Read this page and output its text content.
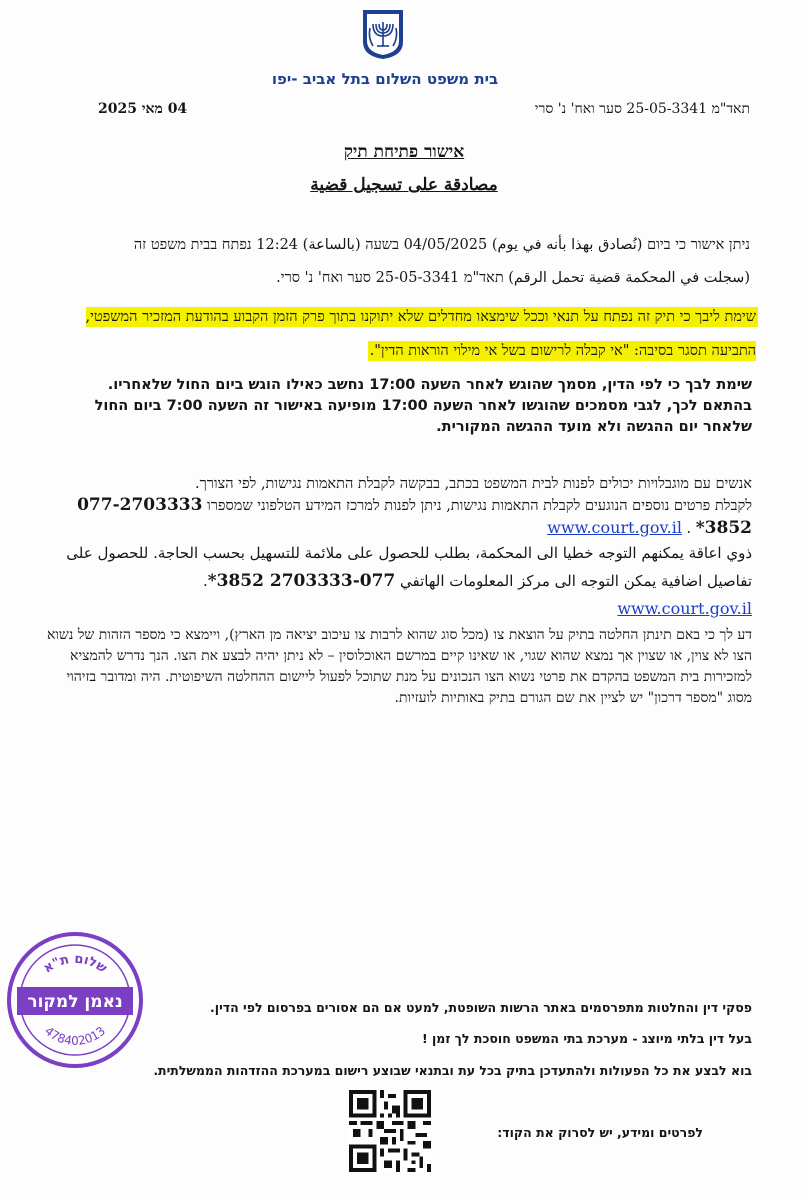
בית משפט השלום בתל אביב -יפו
04 מאי 2025	תאד"מ 25-05-3341 סער ואח' נ' סרי
אישור פתיחת תיק
مصادقة على تسجيل قضية
ניתן אישור כי ביום (نُصادق بهذا بأنه في يوم) 04/05/2025 בשעה (بالساعة) 12:24 נפתח בבית משפט זה
(سجلت في المحكمة قضية تحمل الرقم) תאד"מ 25-05-3341 סער ואח' נ' סרי.
שימת ליבך כי תיק זה נפתח על תנאי וככל שימצאו מחדלים שלא יתוקנו בתוך פרק הזמן הקבוע בהודעת המזכיר המשפטי, התביעה תסגר בסיבה: "אי קבלה לרישום בשל אי מילוי הוראות הדין".
שימת לבך כי לפי הדין, מסמך שהוגש לאחר השעה 17:00 נחשב כאילו הוגש ביום החול שלאחריו.
בהתאם לכך, לגבי מסמכים שהוגשו לאחר השעה 17:00 מופיעה באישור זה השעה 7:00 ביום החול שלאחר יום ההגשה ולא מועד ההגשה המקורית.
אנשים עם מוגבלויות יכולים לפנות לבית המשפט בכתב, בבקשה לקבלת התאמות נגישות, לפי הצורך.
לקבלת פרטים נוספים הנוגעים לקבלת התאמות נגישות, ניתן לפנות למרכז המידע הטלפוני שמספרו 077-2703333 3852* . www.court.gov.il
ذوي اعاقة يمكنهم التوجه خطيا الى المحكمة، بطلب للحصول على ملائمة للتسهيل بحسب الحاجة. للحصول على تفاصيل اضافية يمكن التوجه الى مركز المعلومات الهاتفي 077-2703333 3852*.
www.court.gov.il
דע לך כי באם תינתן החלטה בתיק על הוצאת צו (מכל סוג שהוא לרבות צו עיכוב יציאה מן הארץ), ויימצא כי מספר הזהות של נשוא הצו לא צוין, או שצוין אך נמצא שהוא שגוי, או שאינו קיים במרשם האוכלוסין – לא ניתן יהיה לבצע את הצו. הנך נדרש להמציא למזכירות בית המשפט בהקדם את פרטי נשוא הצו הנכונים על מנת שתוכל לפעול ליישום ההחלטה השיפוטית. היה ומדובר בזיהוי מסוג "מספר דרכון" יש לציין את שם הגורם בתיק באותיות לועזיות.
פסקי דין והחלטות מתפרסמים באתר הרשות השופטת, למעט אם הם אסורים בפרסום לפי הדין.
בעל דין בלתי מיוצג - מערכת בתי המשפט חוסכת לך זמן !
בוא לבצע את כל הפעולות ולהתעדכן בתיק בכל עת ובתנאי שבוצע רישום במערכת ההזדהות הממשלתית.
לפרטים ומידע, יש לסרוק את הקוד:
שלום ת"א
נאמן למקור
478402013
